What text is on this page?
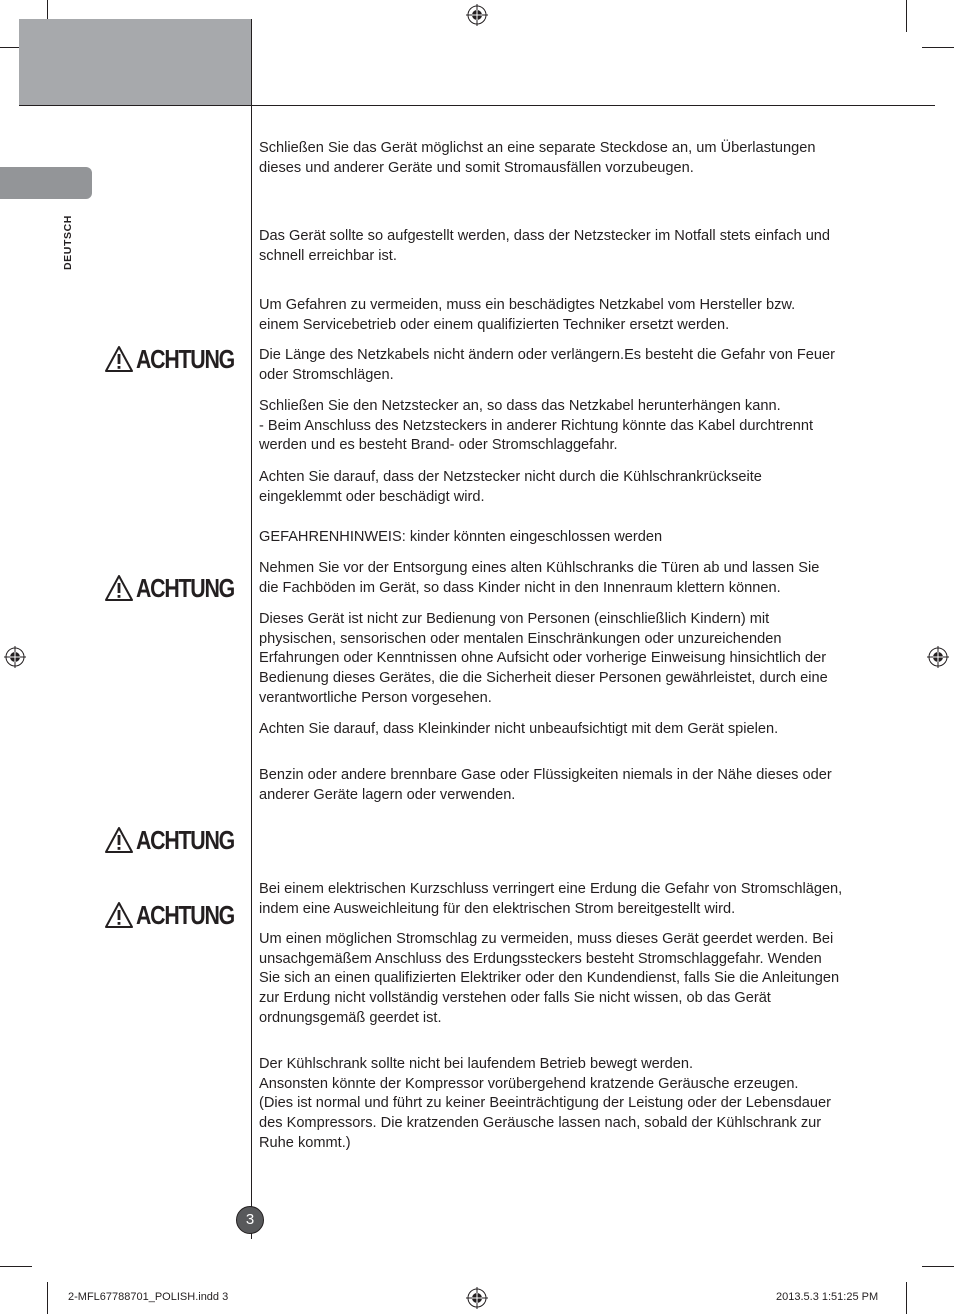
DEUTSCH
ACHTUNG
ACHTUNG
ACHTUNG
ACHTUNG

Schließen Sie das Gerät möglichst an eine separate Steckdose an, um Überlastungen
dieses und anderer Geräte und somit Stromausfällen vorzubeugen.

Das Gerät sollte so aufgestellt werden, dass der Netzstecker im Notfall stets einfach und
schnell erreichbar ist.

Um Gefahren zu vermeiden, muss ein beschädigtes Netzkabel vom Hersteller bzw.
einem Servicebetrieb oder einem qualifizierten Techniker ersetzt werden.

Die Länge des Netzkabels nicht ändern oder verlängern.Es besteht die Gefahr von Feuer
oder Stromschlägen.

Schließen Sie den Netzstecker an, so dass das Netzkabel herunterhängen kann.
- Beim Anschluss des Netzsteckers in anderer Richtung könnte das Kabel durchtrennt
werden und es besteht Brand- oder Stromschlaggefahr.

Achten Sie darauf, dass der Netzstecker nicht durch die Kühlschrankrückseite
eingeklemmt oder beschädigt wird.

GEFAHRENHINWEIS: kinder könnten eingeschlossen werden

Nehmen Sie vor der Entsorgung eines alten Kühlschranks die Türen ab und lassen Sie
die Fachböden im Gerät, so dass Kinder nicht in den Innenraum klettern können.

Dieses Gerät ist nicht zur Bedienung von Personen (einschließlich Kindern) mit
physischen, sensorischen oder mentalen Einschränkungen oder unzureichenden
Erfahrungen oder Kenntnissen ohne Aufsicht oder vorherige Einweisung hinsichtlich der
Bedienung dieses Gerätes, die die Sicherheit dieser Personen gewährleistet, durch eine
verantwortliche Person vorgesehen.

Achten Sie darauf, dass Kleinkinder nicht unbeaufsichtigt mit dem Gerät spielen.

Benzin oder andere brennbare Gase oder Flüssigkeiten niemals in der Nähe dieses oder
anderer Geräte lagern oder verwenden.

Bei einem elektrischen Kurzschluss verringert eine Erdung die Gefahr von Stromschlägen,
indem eine Ausweichleitung für den elektrischen Strom bereitgestellt wird.

Um einen möglichen Stromschlag zu vermeiden, muss dieses Gerät geerdet werden. Bei
unsachgemäßem Anschluss des Erdungssteckers besteht Stromschlaggefahr. Wenden
Sie sich an einen qualifizierten Elektriker oder den Kundendienst, falls Sie die Anleitungen
zur Erdung nicht vollständig verstehen oder falls Sie nicht wissen, ob das Gerät
ordnungsgemäß geerdet ist.

Der Kühlschrank sollte nicht bei laufendem Betrieb bewegt werden.
Ansonsten könnte der Kompressor vorübergehend kratzende Geräusche erzeugen.
(Dies ist normal und führt zu keiner Beeinträchtigung der Leistung oder der Lebensdauer
des Kompressors. Die kratzenden Geräusche lassen nach, sobald der Kühlschrank zur
Ruhe kommt.)

3
2-MFL67788701_POLISH.indd 3	2013.5.3 1:51:25 PM
